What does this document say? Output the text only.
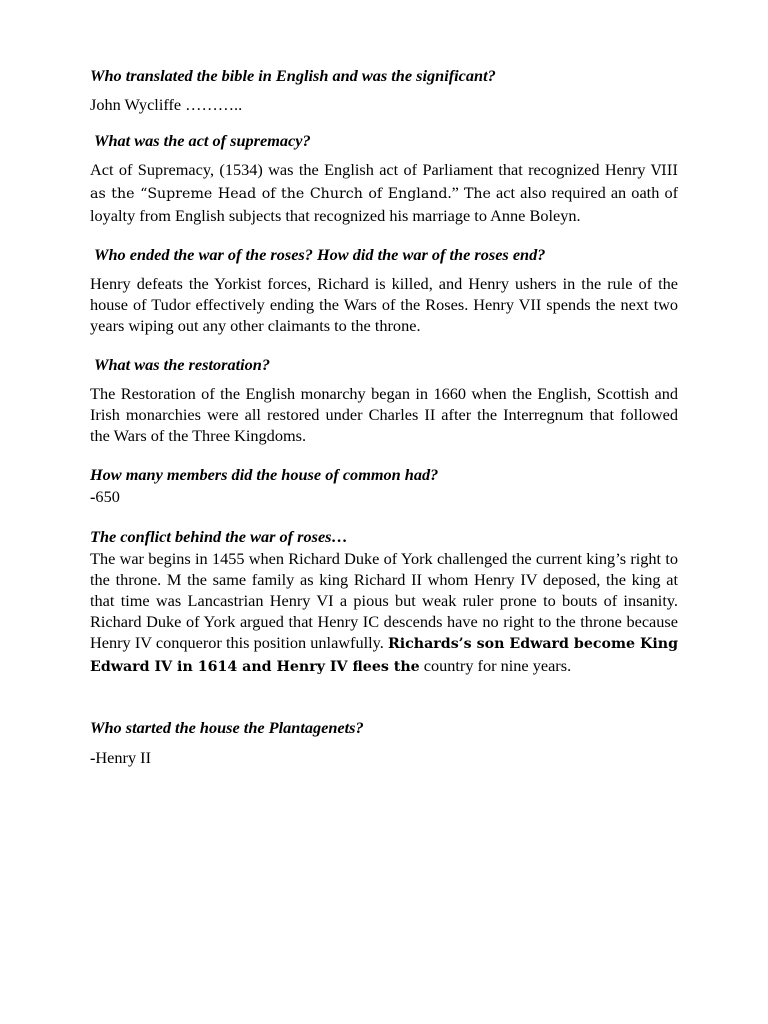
Who translated the bible in English and was the significant?

John Wycliffe ………..

What was the act of supremacy?

Act of Supremacy, (1534) was the English act of Parliament that recognized Henry VIII as the “Supreme Head of the Church of England.” The act also required an oath of loyalty from English subjects that recognized his marriage to Anne Boleyn.

Who ended the war of the roses? How did the war of the roses end?

Henry defeats the Yorkist forces, Richard is killed, and Henry ushers in the rule of the house of Tudor effectively ending the Wars of the Roses. Henry VII spends the next two years wiping out any other claimants to the throne.

What was the restoration?

The Restoration of the English monarchy began in 1660 when the English, Scottish and Irish monarchies were all restored under Charles II after the Interregnum that followed the Wars of the Three Kingdoms.

How many members did the house of common had?

-650

The conflict behind the war of roses…

The war begins in 1455 when Richard Duke of York challenged the current king’s right to the throne. M the same family as king Richard II whom Henry IV deposed, the king at that time was Lancastrian Henry VI a pious but weak ruler prone to bouts of insanity. Richard Duke of York argued that Henry IC descends have no right to the throne because Henry IV conqueror this position unlawfully. Richards’s son Edward become King Edward IV in 1614 and Henry IV flees the country for nine years.

Who started the house the Plantagenets?

-Henry II
